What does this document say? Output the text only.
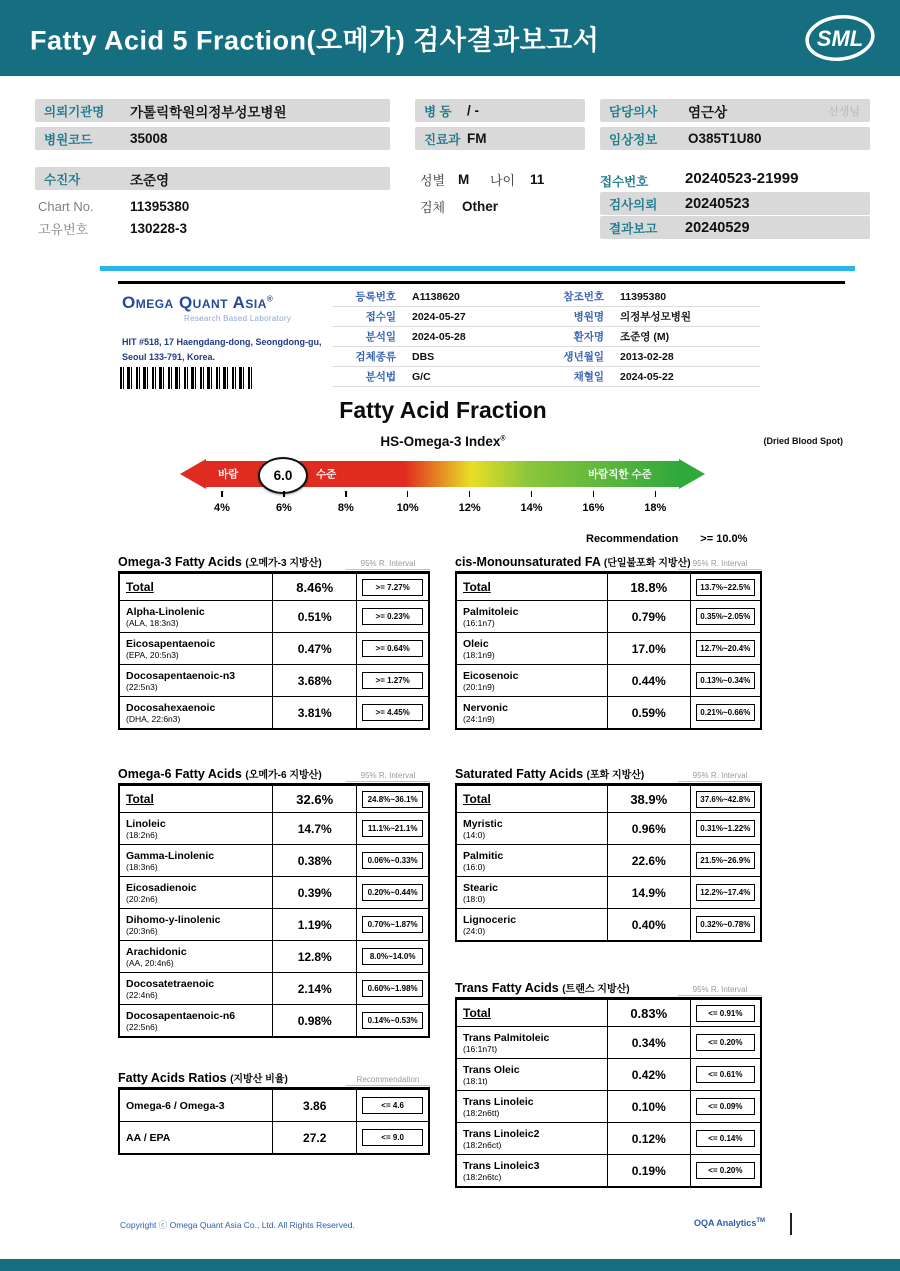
Fatty Acid 5 Fraction(오메가) 검사결과보고서	SML
의뢰기관명 가톨릭학원의정부성모병원	병 동 / -	담당의사 염근상	선생님
병원코드	35008	진료과 FM	임상정보 O385T1U80
수진자	조준영	성별 M 나이 11	접수번호 20240523-21999
Chart No.	11395380
고유번호	130228-3
검체 Other	검사의뢰 20240523
결과보고 20240529
Omega Quant Asia®
Research Based Laboratory
HIT #518, 17 Haengdang-dong, Seongdong-gu,
Seoul 133-791, Korea.
등록번호 A1138620	참조번호 11395380
접수일 2024-05-27	병원명 의정부성모병원
분석일 2024-05-28	환자명 조준영 (M)
검체종류 DBS	생년월일 2013-02-28
분석법 G/C	채혈일 2024-05-22
Fatty Acid Fraction
HS-Omega-3 Index®	(Dried Blood Spot)
바람	수준	바람직한 수준
6.0
4%	6%	8%	10%	12%	14%	16%	18%
Recommendation >= 10.0%
Omega-3 Fatty Acids (오메가-3 지방산)	95% R. Interval
Total	8.46%	>= 7.27%
Alpha-Linolenic
(ALA, 18:3n3)	0.51%	>= 0.23%
Eicosapentaenoic
(EPA, 20:5n3)	0.47%	>= 0.64%
Docosapentaenoic-n3
(22:5n3)	3.68%	>= 1.27%
Docosahexaenoic
(DHA, 22:6n3)	3.81%	>= 4.45%
cis-Monounsaturated FA (단일불포화 지방산) 95% R. Interval
Total	18.8%	13.7%~22.5%
Palmitoleic
(16:1n7)	0.79%	0.35%~2.05%
Oleic
(18:1n9)	17.0%	12.7%~20.4%
Eicosenoic
(20:1n9)	0.44%	0.13%~0.34%
Nervonic
(24:1n9)	0.59%	0.21%~0.66%
Omega-6 Fatty Acids (오메가-6 지방산)	95% R. Interval
Total	32.6%	24.8%~36.1%
Linoleic
(18:2n6)	14.7%	11.1%~21.1%
Gamma-Linolenic
(18:3n6)	0.38%	0.06%~0.33%
Eicosadienoic
(20:2n6)	0.39%	0.20%~0.44%
Dihomo-y-linolenic
(20:3n6)	1.19%	0.70%~1.87%
Arachidonic
(AA, 20:4n6)	12.8%	8.0%~14.0%
Docosatetraenoic
(22:4n6)	2.14%	0.60%~1.98%
Docosapentaenoic-n6
(22:5n6)	0.98%	0.14%~0.53%
Saturated Fatty Acids (포화 지방산)	95% R. Interval
Total	38.9%	37.6%~42.8%
Myristic
(14:0)	0.96%	0.31%~1.22%
Palmitic
(16:0)	22.6%	21.5%~26.9%
Stearic
(18:0)	14.9%	12.2%~17.4%
Lignoceric
(24:0)	0.40%	0.32%~0.78%
Trans Fatty Acids (트랜스 지방산)	95% R. Interval
Total	0.83%	<= 0.91%
Trans Palmitoleic
(16:1n7t)	0.34%	<= 0.20%
Trans Oleic
(18:1t)	0.42%	<= 0.61%
Trans Linoleic
(18:2n6tt)	0.10%	<= 0.09%
Trans Linoleic2
(18:2n6ct)	0.12%	<= 0.14%
Trans Linoleic3
(18:2n6tc)	0.19%	<= 0.20%
Fatty Acids Ratios (지방산 비율)	Recommendation
Omega-6 / Omega-3	3.86	<= 4.6
AA / EPA	27.2	<= 9.0
Copyright ⓒ Omega Quant Asia Co., Ltd. All Rights Reserved.	OQA Analytics™
